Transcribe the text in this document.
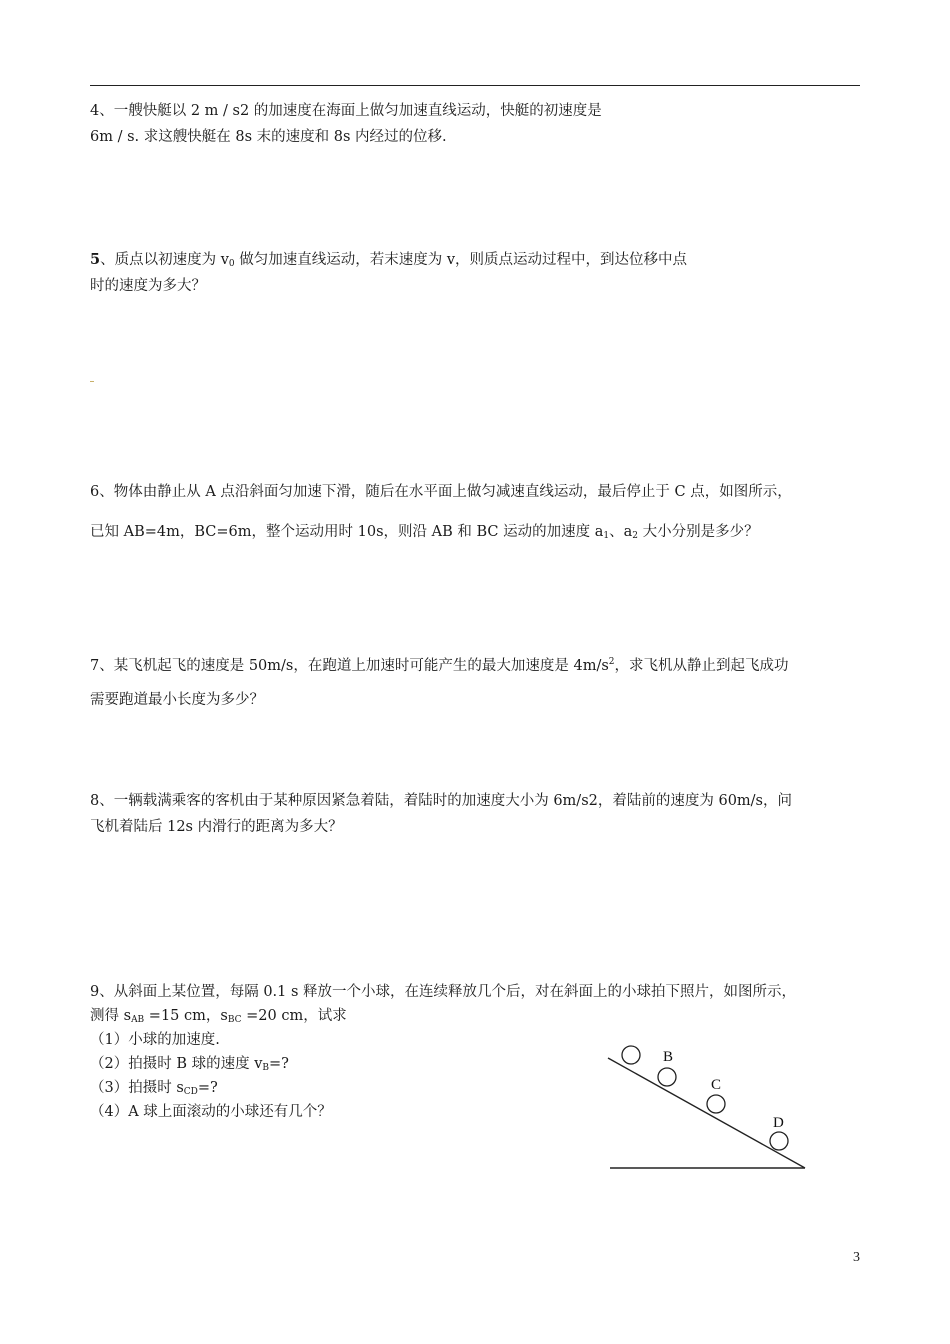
4、一艘快艇以 2 m / s2 的加速度在海面上做匀加速直线运动，快艇的初速度是
6m / s. 求这艘快艇在 8s 末的速度和 8s 内经过的位移.
5、质点以初速度为 $v_0$ 做匀加速直线运动，若末速度为 v，则质点运动过程中，到达位移中点
时的速度为多大？
6、物体由静止从 A 点沿斜面匀加速下滑，随后在水平面上做匀减速直线运动，最后停止于 C 点，如图所示，
已知 AB=4m，BC=6m，整个运动用时 10s，则沿 AB 和 BC 运动的加速度 $a_1$、$a_2$ 大小分别是多少？
7、某飞机起飞的速度是 50m/s，在跑道上加速时可能产生的最大加速度是 $4m/s^2$，求飞机从静止到起飞成功
需要跑道最小长度为多少？
8、一辆载满乘客的客机由于某种原因紧急着陆，着陆时的加速度大小为 6m/s2，着陆前的速度为 60m/s，问
飞机着陆后 12s 内滑行的距离为多大？
9、从斜面上某位置，每隔 0.1 s 释放一个小球，在连续释放几个后，对在斜面上的小球拍下照片，如图所示，
测得 $s_{AB} =15$ cm，$s_{BC} =20$ cm，试求
（1）小球的加速度.
（2）拍摄时 B 球的速度 $v_B=$?
（3）拍摄时 $s_{CD}=$?
（4）A 球上面滚动的小球还有几个？
B
C
D
3
